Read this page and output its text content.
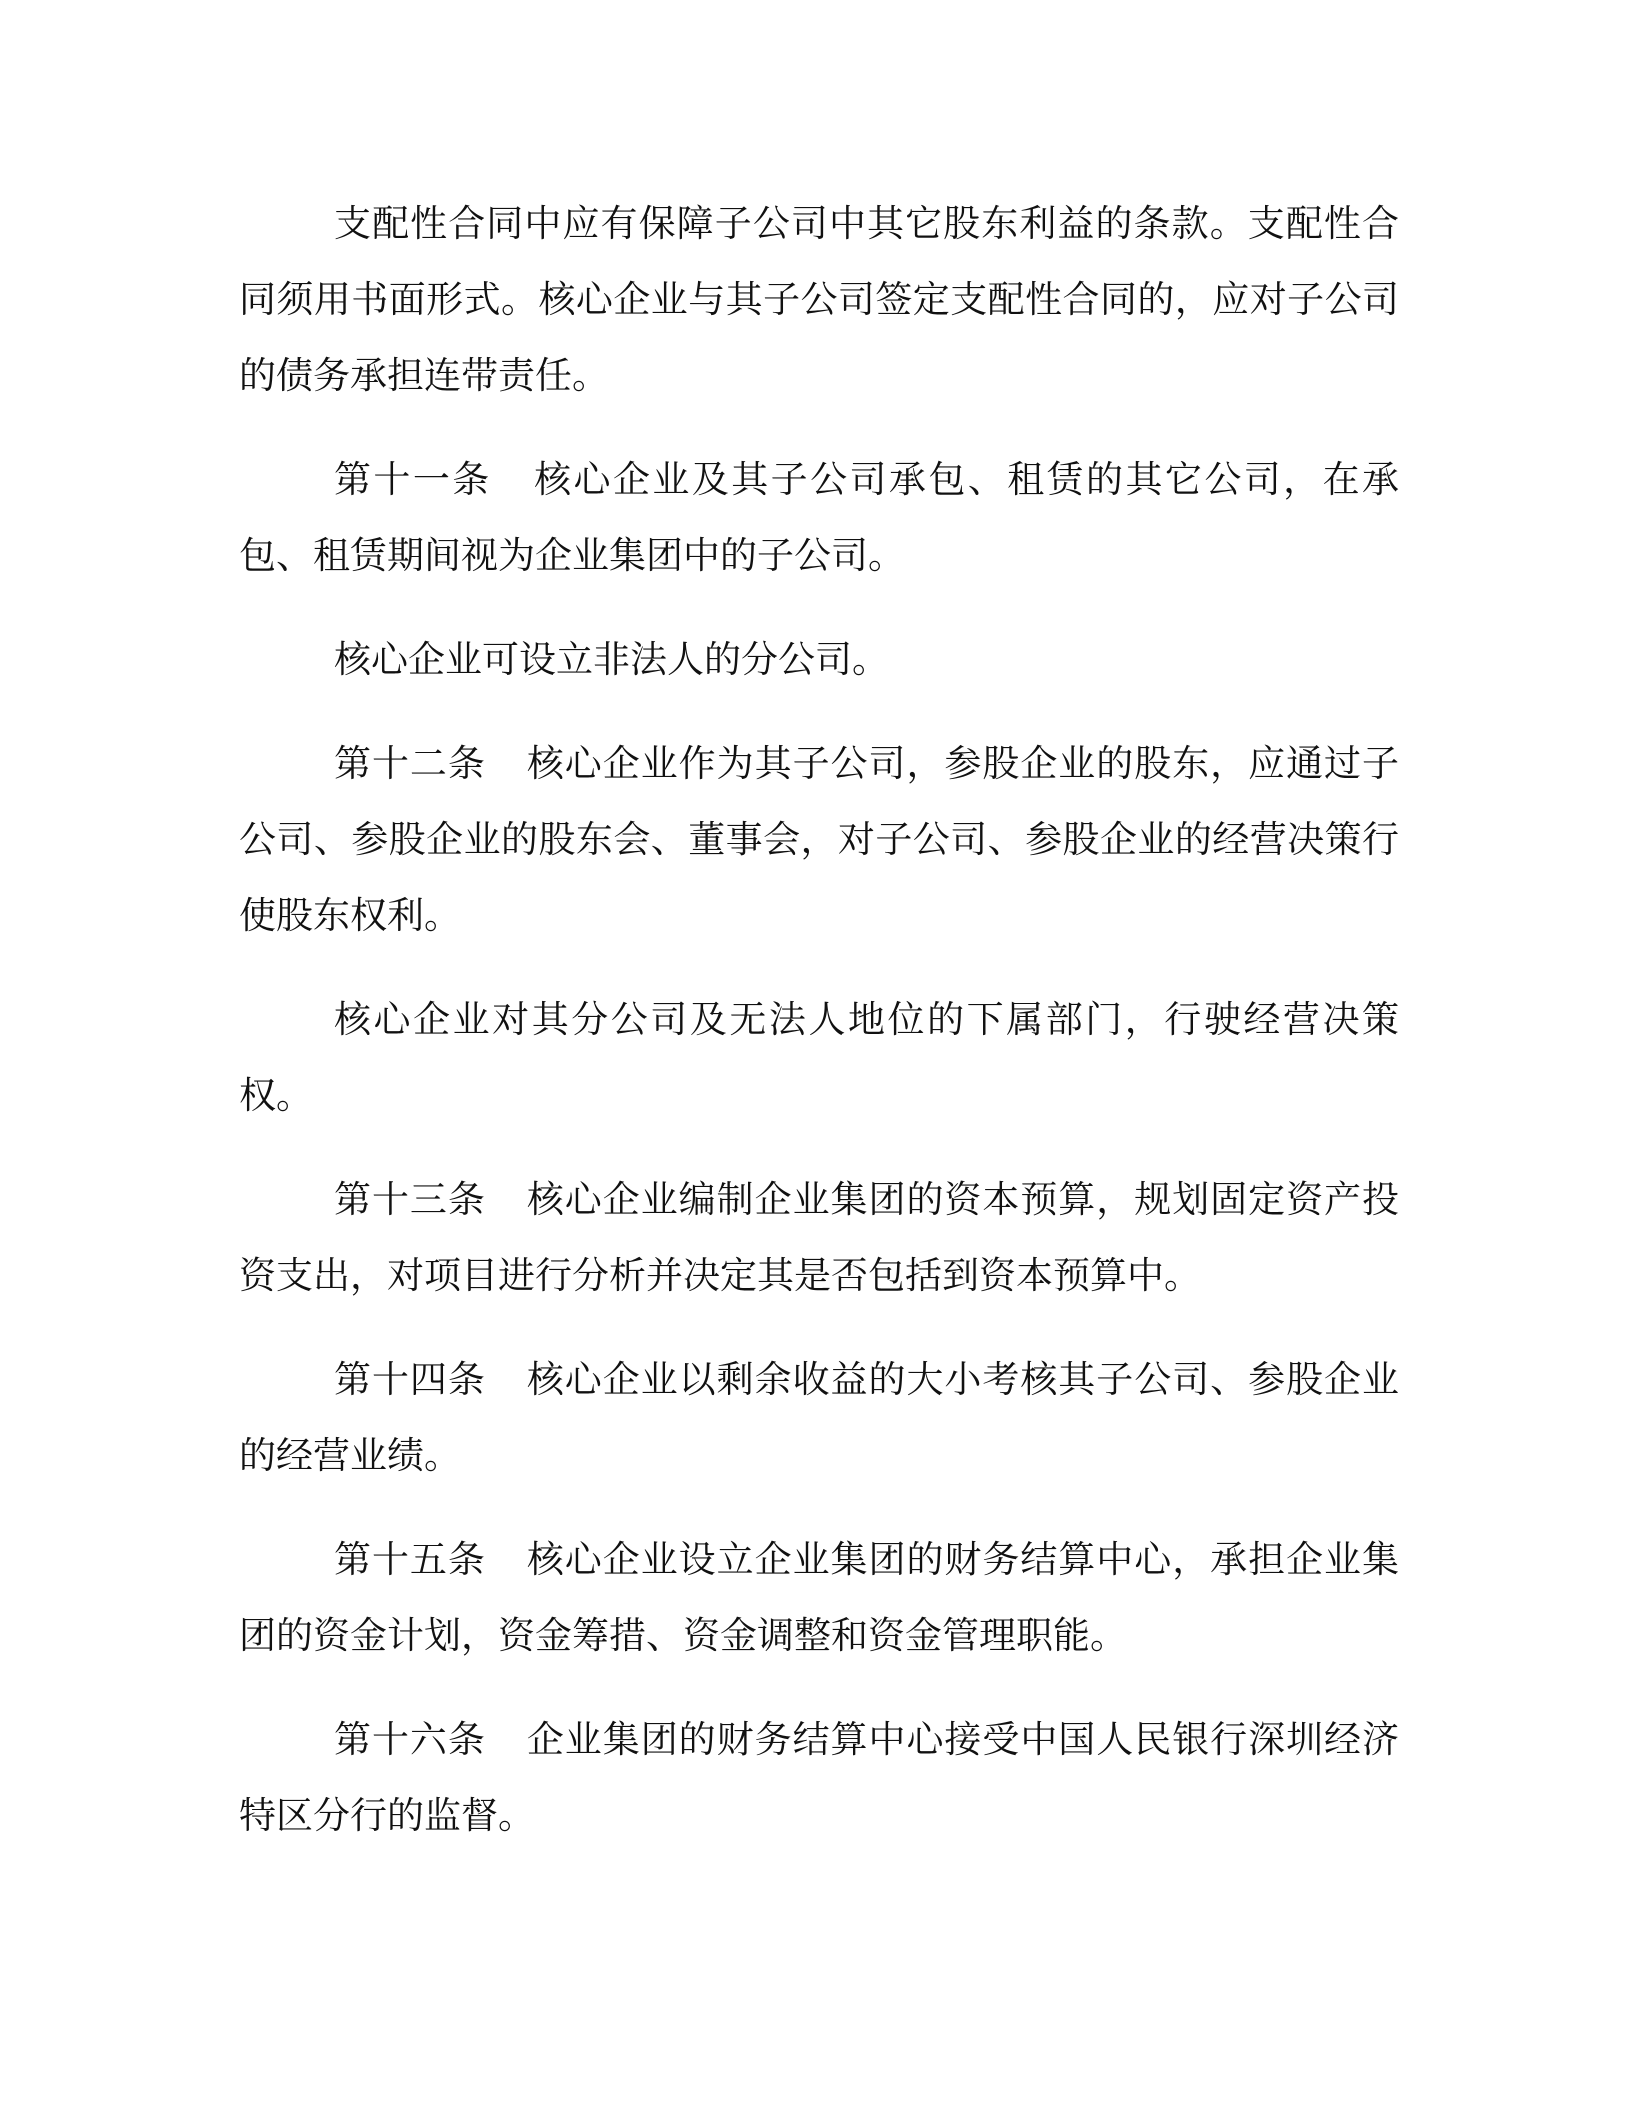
支配性合同中应有保障子公司中其它股东利益的条款。支配性合同须用书面形式。核心企业与其子公司签定支配性合同的，应对子公司的债务承担连带责任。

第十一条 核心企业及其子公司承包、租赁的其它公司，在承包、租赁期间视为企业集团中的子公司。

核心企业可设立非法人的分公司。

第十二条 核心企业作为其子公司，参股企业的股东，应通过子公司、参股企业的股东会、董事会，对子公司、参股企业的经营决策行使股东权利。

核心企业对其分公司及无法人地位的下属部门，行驶经营决策权。

第十三条 核心企业编制企业集团的资本预算，规划固定资产投资支出，对项目进行分析并决定其是否包括到资本预算中。

第十四条 核心企业以剩余收益的大小考核其子公司、参股企业的经营业绩。

第十五条 核心企业设立企业集团的财务结算中心，承担企业集团的资金计划，资金筹措、资金调整和资金管理职能。

第十六条 企业集团的财务结算中心接受中国人民银行深圳经济特区分行的监督。
